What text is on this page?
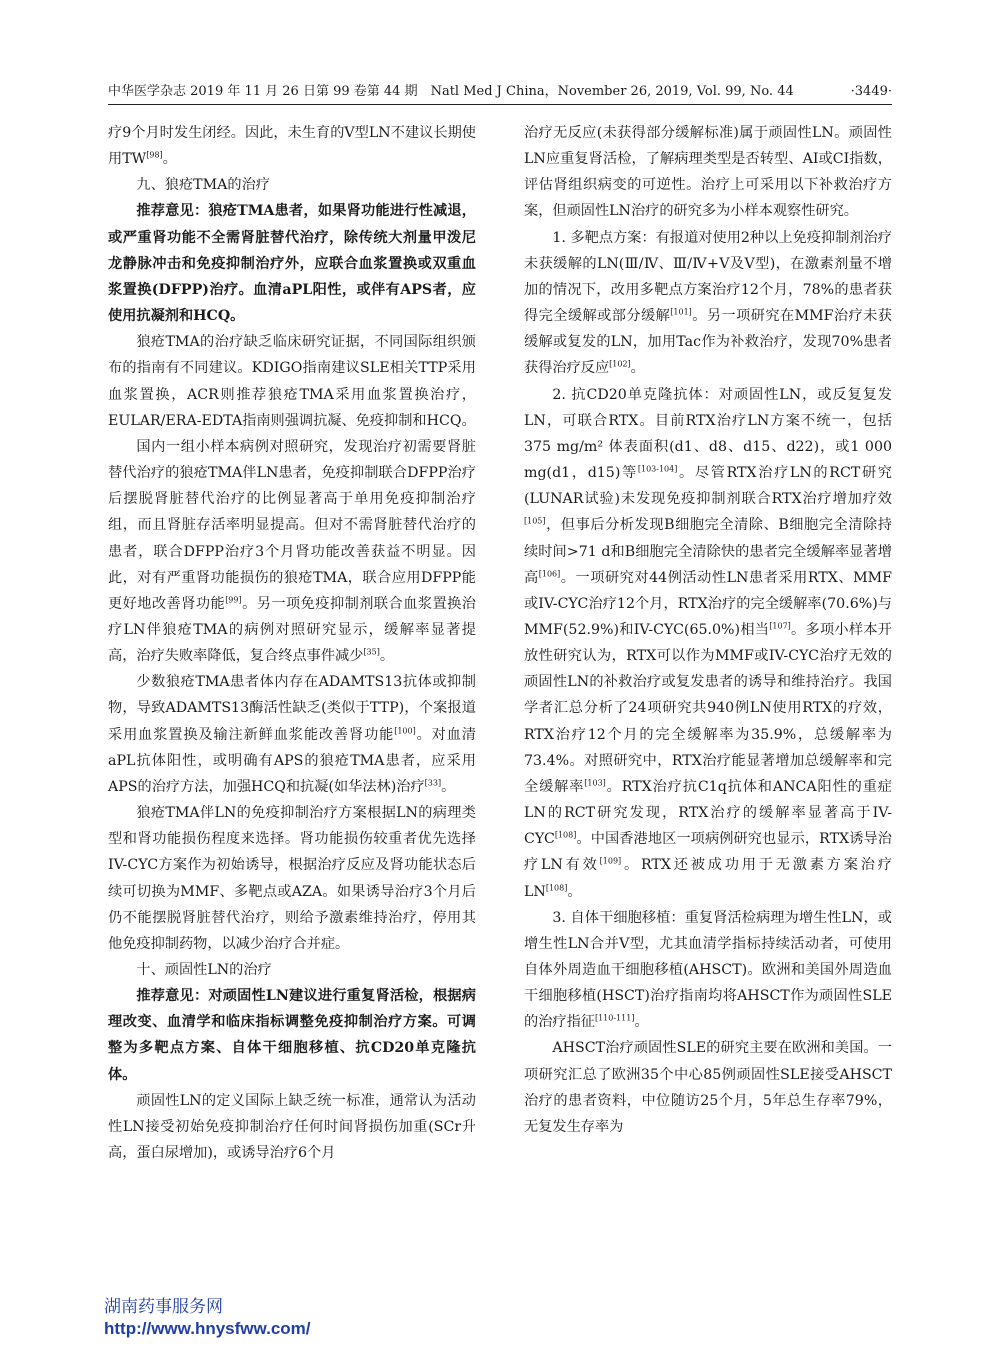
中华医学杂志 2019 年 11 月 26 日第 99 卷第 44 期　Natl Med J China，November 26, 2019, Vol. 99, No. 44	·3449·

疗9个月时发生闭经。因此，未生育的Ⅴ型LN不建议长期使用TW[98]。

九、狼疮TMA的治疗

推荐意见：狼疮TMA患者，如果肾功能进行性减退，或严重肾功能不全需肾脏替代治疗，除传统大剂量甲泼尼龙静脉冲击和免疫抑制治疗外，应联合血浆置换或双重血浆置换(DFPP)治疗。血清aPL阳性，或伴有APS者，应使用抗凝剂和HCQ。

狼疮TMA的治疗缺乏临床研究证据，不同国际组织颁布的指南有不同建议。KDIGO指南建议SLE相关TTP采用血浆置换，ACR则推荐狼疮TMA采用血浆置换治疗，EULAR/ERA-EDTA指南则强调抗凝、免疫抑制和HCQ。

国内一组小样本病例对照研究，发现治疗初需要肾脏替代治疗的狼疮TMA伴LN患者，免疫抑制联合DFPP治疗后摆脱肾脏替代治疗的比例显著高于单用免疫抑制治疗组，而且肾脏存活率明显提高。但对不需肾脏替代治疗的患者，联合DFPP治疗3个月肾功能改善获益不明显。因此，对有严重肾功能损伤的狼疮TMA，联合应用DFPP能更好地改善肾功能[99]。另一项免疫抑制剂联合血浆置换治疗LN伴狼疮TMA的病例对照研究显示，缓解率显著提高，治疗失败率降低，复合终点事件减少[35]。

少数狼疮TMA患者体内存在ADAMTS13抗体或抑制物，导致ADAMTS13酶活性缺乏(类似于TTP)，个案报道采用血浆置换及输注新鲜血浆能改善肾功能[100]。对血清aPL抗体阳性，或明确有APS的狼疮TMA患者，应采用APS的治疗方法，加强HCQ和抗凝(如华法林)治疗[33]。

狼疮TMA伴LN的免疫抑制治疗方案根据LN的病理类型和肾功能损伤程度来选择。肾功能损伤较重者优先选择IV-CYC方案作为初始诱导，根据治疗反应及肾功能状态后续可切换为MMF、多靶点或AZA。如果诱导治疗3个月后仍不能摆脱肾脏替代治疗，则给予激素维持治疗，停用其他免疫抑制药物，以减少治疗合并症。

十、顽固性LN的治疗

推荐意见：对顽固性LN建议进行重复肾活检，根据病理改变、血清学和临床指标调整免疫抑制治疗方案。可调整为多靶点方案、自体干细胞移植、抗CD20单克隆抗体。

顽固性LN的定义国际上缺乏统一标准，通常认为活动性LN接受初始免疫抑制治疗任何时间肾损伤加重(SCr升高，蛋白尿增加)，或诱导治疗6个月

治疗无反应(未获得部分缓解标准)属于顽固性LN。顽固性LN应重复肾活检，了解病理类型是否转型、AI或CI指数，评估肾组织病变的可逆性。治疗上可采用以下补救治疗方案，但顽固性LN治疗的研究多为小样本观察性研究。

1. 多靶点方案：有报道对使用2种以上免疫抑制剂治疗未获缓解的LN(Ⅲ/Ⅳ、Ⅲ/Ⅳ+Ⅴ及Ⅴ型)，在激素剂量不增加的情况下，改用多靶点方案治疗12个月，78%的患者获得完全缓解或部分缓解[101]。另一项研究在MMF治疗未获缓解或复发的LN，加用Tac作为补救治疗，发现70%患者获得治疗反应[102]。

2. 抗CD20单克隆抗体：对顽固性LN，或反复复发LN，可联合RTX。目前RTX治疗LN方案不统一，包括375 mg/m² 体表面积(d1、d8、d15、d22)，或1 000 mg(d1，d15)等[103-104]。尽管RTX治疗LN的RCT研究(LUNAR试验)未发现免疫抑制剂联合RTX治疗增加疗效[105]，但事后分析发现B细胞完全清除、B细胞完全清除持续时间>71 d和B细胞完全清除快的患者完全缓解率显著增高[106]。一项研究对44例活动性LN患者采用RTX、MMF或IV-CYC治疗12个月，RTX治疗的完全缓解率(70.6%)与MMF(52.9%)和IV-CYC(65.0%)相当[107]。多项小样本开放性研究认为，RTX可以作为MMF或IV-CYC治疗无效的顽固性LN的补救治疗或复发患者的诱导和维持治疗。我国学者汇总分析了24项研究共940例LN使用RTX的疗效，RTX治疗12个月的完全缓解率为35.9%，总缓解率为73.4%。对照研究中，RTX治疗能显著增加总缓解率和完全缓解率[103]。RTX治疗抗C1q抗体和ANCA阳性的重症LN的RCT研究发现，RTX治疗的缓解率显著高于IV-CYC[108]。中国香港地区一项病例研究也显示，RTX诱导治疗LN有效[109]。RTX还被成功用于无激素方案治疗LN[108]。

3. 自体干细胞移植：重复肾活检病理为增生性LN，或增生性LN合并Ⅴ型，尤其血清学指标持续活动者，可使用自体外周造血干细胞移植(AHSCT)。欧洲和美国外周造血干细胞移植(HSCT)治疗指南均将AHSCT作为顽固性SLE的治疗指征[110-111]。

AHSCT治疗顽固性SLE的研究主要在欧洲和美国。一项研究汇总了欧洲35个中心85例顽固性SLE接受AHSCT治疗的患者资料，中位随访25个月，5年总生存率79%，无复发生存率为

湖南药事服务网
http://www.hnysfww.com/
